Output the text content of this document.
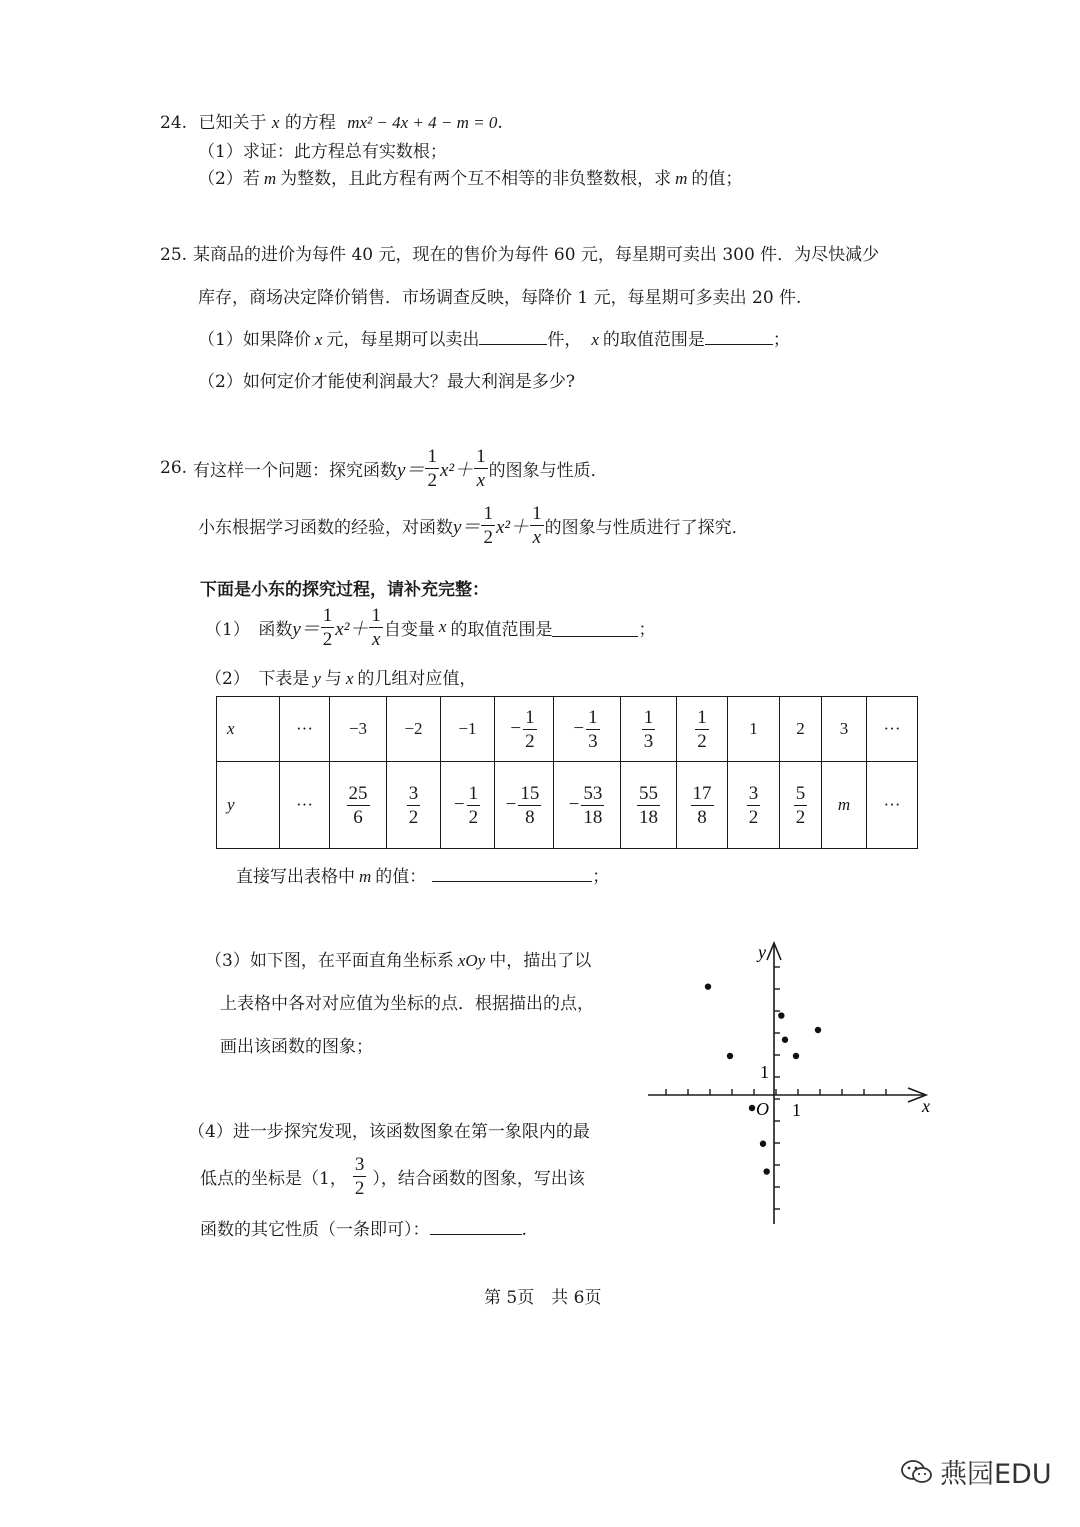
24. 已知关于 x 的方程 mx² − 4x + 4 − m = 0.
（1）求证：此方程总有实数根；
（2）若 m 为整数，且此方程有两个互不相等的非负整数根，求 m 的值；
25. 某商品的进价为每件 40 元，现在的售价为每件 60 元，每星期可卖出 300 件．为尽快减少
库存，商场决定降价销售．市场调查反映，每降价 1 元，每星期可多卖出 20 件.
（1）如果降价 x 元，每星期可以卖出	件， x 的取值范围是	；
（2）如何定价才能使利润最大？最大利润是多少?
26. 有这样一个问题：探究函数 $y= \frac{1}{2} x^2+ \frac{1}{x}$ 的图象与性质．
小东根据学习函数的经验，对函数 $y= \frac{1}{2} x^2+ \frac{1}{x}$ 的图象与性质进行了探究．
下面是小东的探究过程，请补充完整：
（1）　函数 $y= \frac{1}{2} x^2+ \frac{1}{x}$ 自变量 x 的取值范围是	；
（2）　下表是 y 与 x 的几组对应值，
x	···	−3	−2	−1	− $\frac{1}{2}$	− $\frac{1}{3}$	$\frac{1}{3}$	$\frac{1}{2}$	1	2	3	···
y	···	$\frac{25}{6}$	$\frac{3}{2}$	− $\frac{1}{2}$	− $\frac{15}{8}$	− $\frac{53}{18}$	$\frac{55}{18}$	$\frac{17}{8}$	$\frac{3}{2}$	$\frac{5}{2}$	m	···
直接写出表格中 m 的值：	；
（3）如下图，在平面直角坐标系 xOy 中，描出了以
上表格中各对对应值为坐标的点．根据描出的点，
画出该函数的图象；
（4）进一步探究发现，该函数图象在第一象限内的最
低点的坐标是（1， $\frac{3}{2}$ ），结合函数的图象，写出该
函数的其它性质（一条即可）：	.
y
x
O 1
1
第 5页　共 6页
燕园EDU
